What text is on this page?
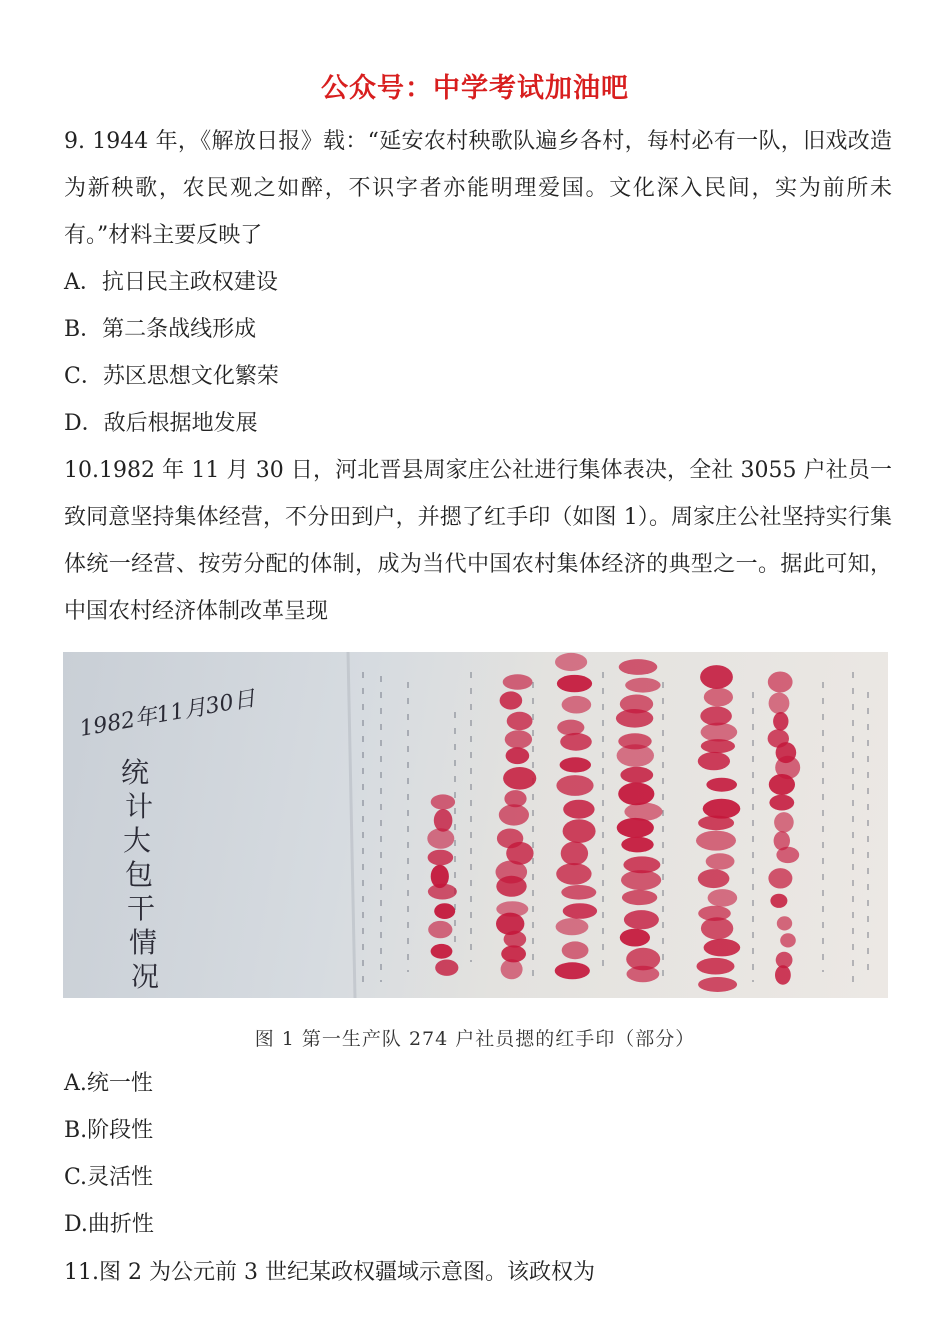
公众号：中学考试加油吧
9. 1944 年，《解放日报》载：“延安农村秧歌队遍乡各村，每村必有一队，旧戏改造为新秧歌，农民观之如醉，不识字者亦能明理爱国。文化深入民间，实为前所未有。”材料主要反映了
A．抗日民主政权建设
B．第二条战线形成
C．苏区思想文化繁荣
D．敌后根据地发展
10.1982 年 11 月 30 日，河北晋县周家庄公社进行集体表决，全社 3055 户社员一致同意坚持集体经营，不分田到户，并摁了红手印（如图 1）。周家庄公社坚持实行集体统一经营、按劳分配的体制，成为当代中国农村集体经济的典型之一。据此可知，中国农村经济体制改革呈现
1982年11月30日
统
计
大
包
干
情
况
图 1 第一生产队 274 户社员摁的红手印（部分）
A.统一性
B.阶段性
C.灵活性
D.曲折性
11.图 2 为公元前 3 世纪某政权疆域示意图。该政权为
